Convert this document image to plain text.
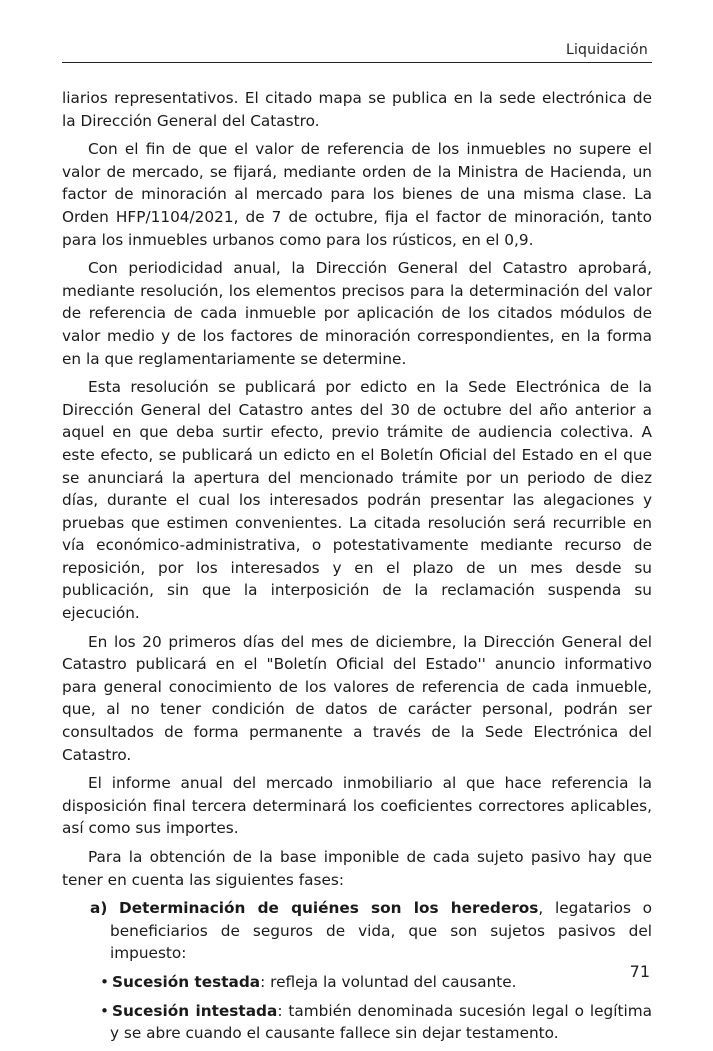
Liquidación

liarios representativos. El citado mapa se publica en la sede electrónica de la Dirección General del Catastro.

Con el fin de que el valor de referencia de los inmuebles no supere el valor de mercado, se fijará, mediante orden de la Ministra de Hacienda, un factor de minoración al mercado para los bienes de una misma clase. La Orden HFP/1104/2021, de 7 de octubre, fija el factor de minoración, tanto para los inmuebles urbanos como para los rústicos, en el 0,9.

Con periodicidad anual, la Dirección General del Catastro aprobará, mediante resolución, los elementos precisos para la determinación del valor de referencia de cada inmueble por aplicación de los citados módulos de valor medio y de los factores de minoración correspondientes, en la forma en la que reglamentariamente se determine.

Esta resolución se publicará por edicto en la Sede Electrónica de la Dirección General del Catastro antes del 30 de octubre del año anterior a aquel en que deba surtir efecto, previo trámite de audiencia colectiva. A este efecto, se publicará un edicto en el Boletín Oficial del Estado en el que se anunciará la apertura del mencionado trámite por un periodo de diez días, durante el cual los interesados podrán presentar las alegaciones y pruebas que estimen convenientes. La citada resolución será recurrible en vía económico-administrativa, o potestativamente mediante recurso de reposición, por los interesados y en el plazo de un mes desde su publicación, sin que la interposición de la reclamación suspenda su ejecución.

En los 20 primeros días del mes de diciembre, la Dirección General del Catastro publicará en el "Boletín Oficial del Estado'' anuncio informativo para general conocimiento de los valores de referencia de cada inmueble, que, al no tener condición de datos de carácter personal, podrán ser consultados de forma permanente a través de la Sede Electrónica del Catastro.

El informe anual del mercado inmobiliario al que hace referencia la disposición final tercera determinará los coeficientes correctores aplicables, así como sus importes.

Para la obtención de la base imponible de cada sujeto pasivo hay que tener en cuenta las siguientes fases:

a) Determinación de quiénes son los herederos, legatarios o beneficiarios de seguros de vida, que son sujetos pasivos del impuesto:

• Sucesión testada: refleja la voluntad del causante.

• Sucesión intestada: también denominada sucesión legal o legítima y se abre cuando el causante fallece sin dejar testamento.

71
